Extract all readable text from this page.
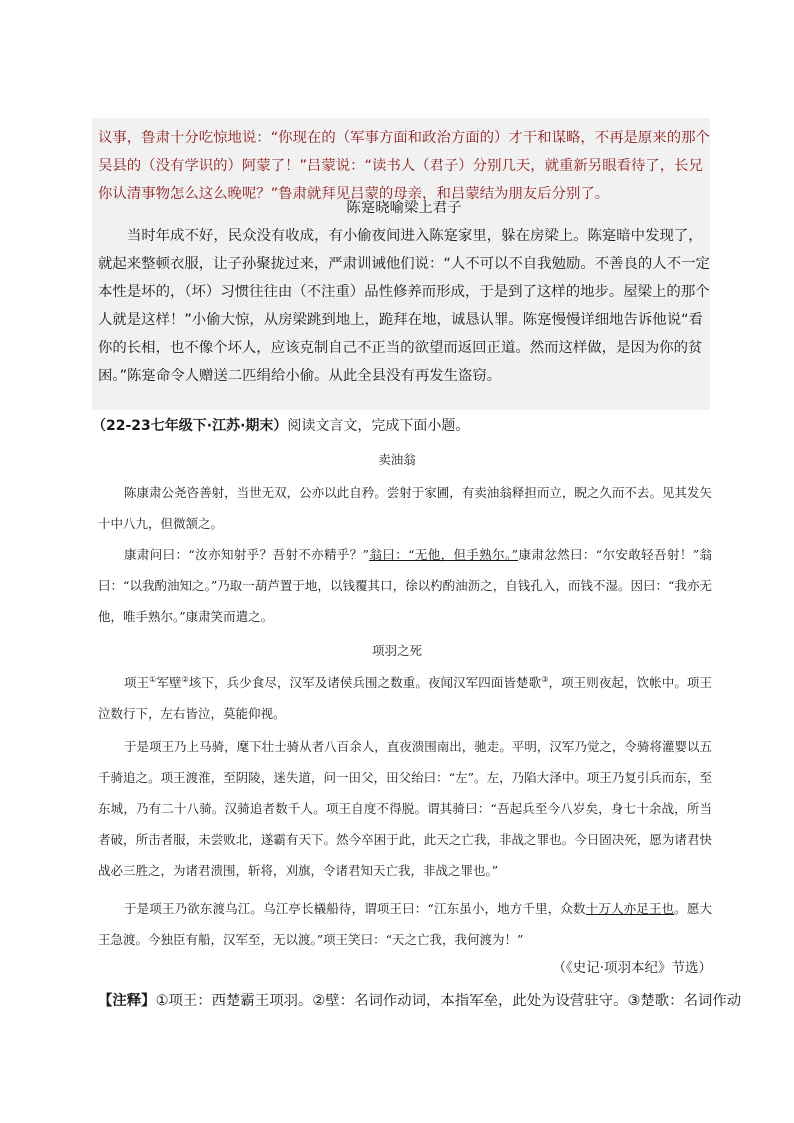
议事，鲁肃十分吃惊地说：“你现在的（军事方面和政治方面的）才干和谋略，不再是原来的那个吴县的（没有学识的）阿蒙了！”吕蒙说：“读书人（君子）分别几天，就重新另眼看待了，长兄你认清事物怎么这么晚呢？”鲁肃就拜见吕蒙的母亲，和吕蒙结为朋友后分别了。

陈寔晓喻梁上君子

当时年成不好，民众没有收成，有小偷夜间进入陈寔家里，躲在房梁上。陈寔暗中发现了，就起来整顿衣服，让子孙聚拢过来，严肃训诫他们说：“人不可以不自我勉励。不善良的人不一定本性是坏的，（坏）习惯往往由（不注重）品性修养而形成，于是到了这样的地步。屋梁上的那个人就是这样！”小偷大惊，从房梁跳到地上，跪拜在地，诚恳认罪。陈寔慢慢详细地告诉他说“看你的长相，也不像个坏人，应该克制自己不正当的欲望而返回正道。然而这样做，是因为你的贫困。”陈寔命令人赠送二匹绢给小偷。从此全县没有再发生盗窃。

（22-23七年级下·江苏·期末）阅读文言文，完成下面小题。
卖油翁

陈康肃公尧咨善射，当世无双，公亦以此自矜。尝射于家圃，有卖油翁释担而立，睨之久而不去。见其发矢十中八九，但微颔之。

康肃问曰：“汝亦知射乎？吾射不亦精乎？”翁曰：“无他，但手熟尔。”康肃忿然曰：“尔安敢轻吾射！”翁曰：“以我酌油知之。”乃取一葫芦置于地，以钱覆其口，徐以杓酌油沥之，自钱孔入，而钱不湿。因曰：“我亦无他，唯手熟尔。”康肃笑而遣之。

项羽之死

项王①军壁②垓下，兵少食尽，汉军及诸侯兵围之数重。夜闻汉军四面皆楚歌③，项王则夜起，饮帐中。项王泣数行下，左右皆泣，莫能仰视。

于是项王乃上马骑，麾下壮士骑从者八百余人，直夜溃围南出，驰走。平明，汉军乃觉之，令骑将灌婴以五千骑追之。项王渡淮，至阴陵，迷失道，问一田父，田父绐曰：“左”。左，乃陷大泽中。项王乃复引兵而东，至东城，乃有二十八骑。汉骑追者数千人。项王自度不得脱。谓其骑曰：“吾起兵至今八岁矣，身七十余战，所当者破，所击者服，未尝败北，遂霸有天下。然今卒困于此，此天之亡我，非战之罪也。今日固决死，愿为诸君快战必三胜之，为诸君溃围，斩将，刈旗，令诸君知天亡我，非战之罪也。”

于是项王乃欲东渡乌江。乌江亭长檥船待，谓项王曰：“江东虽小，地方千里，众数十万人亦足王也。愿大王急渡。今独臣有船，汉军至，无以渡。”项王笑曰：“天之亡我，我何渡为！”

（《史记·项羽本纪》节选）
【注释】①项王：西楚霸王项羽。②壁：名词作动词，本指军垒，此处为设营驻守。③楚歌：名词作动
